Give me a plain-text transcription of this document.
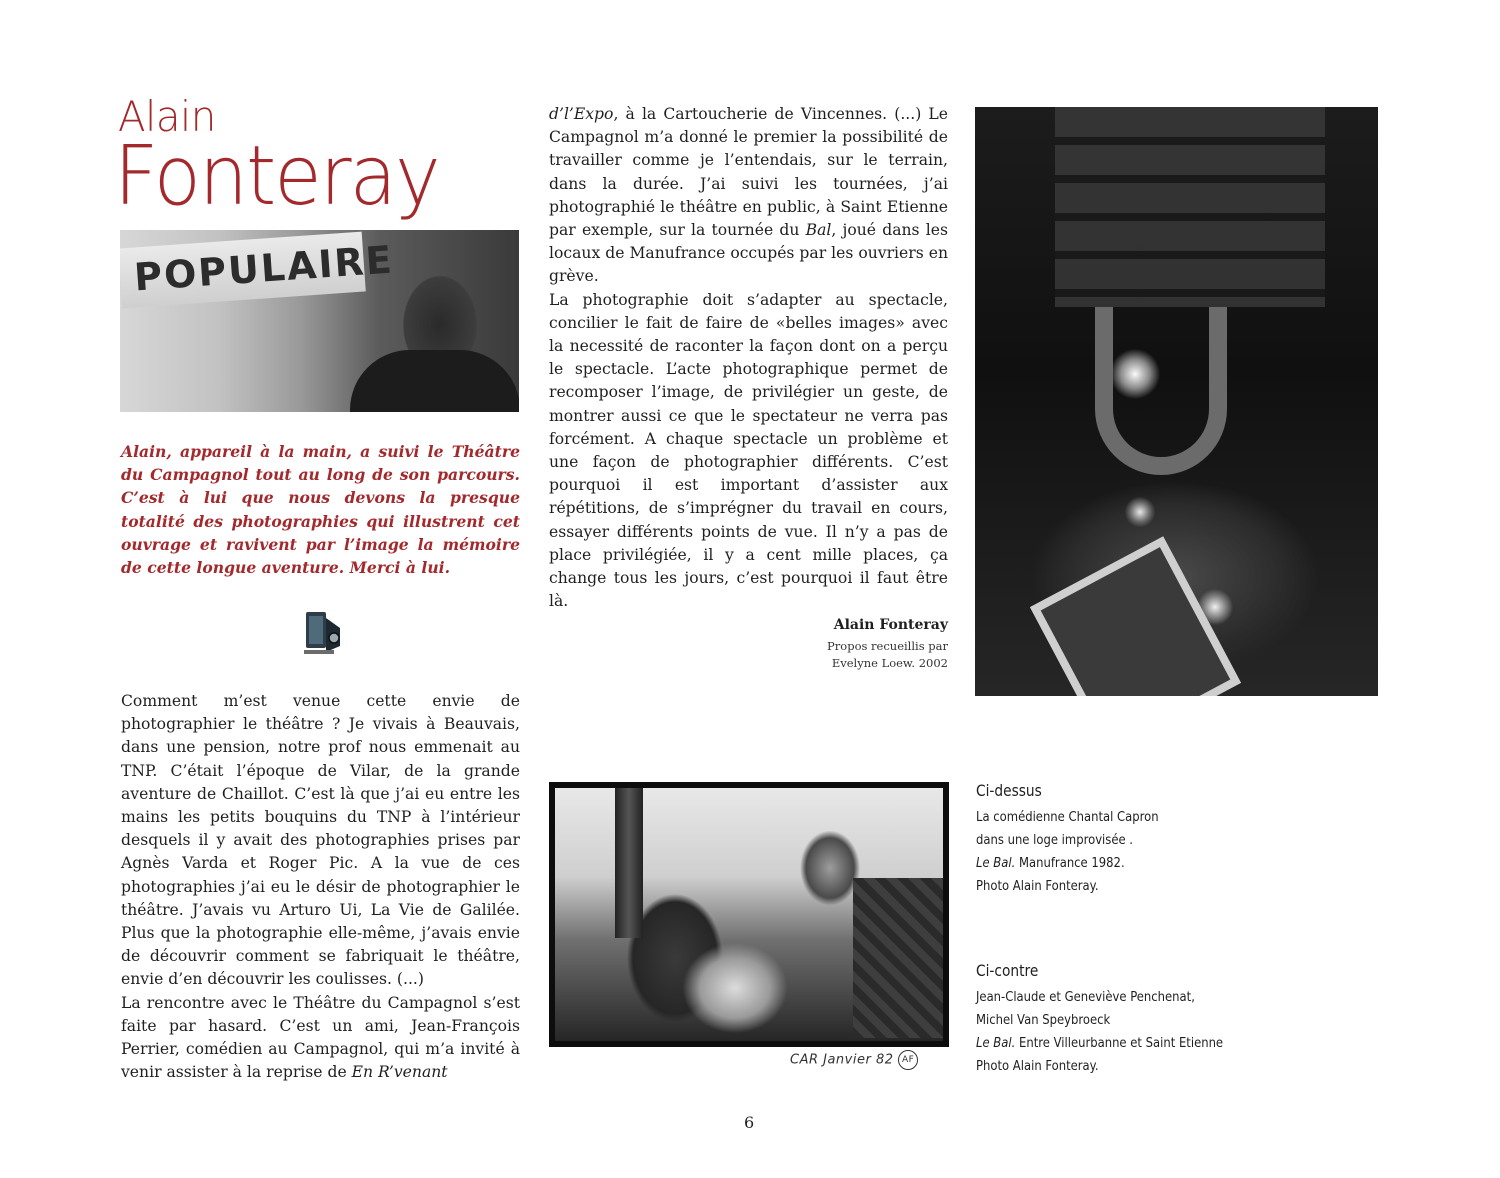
Alain
Fonteray
POPULAIRE

Alain, appareil à la main, a suivi le Théâtre du Campagnol tout au long de son parcours. C’est à lui que nous devons la presque totalité des photographies qui illustrent cet ouvrage et ravivent par l’image la mémoire de cette longue aventure. Merci à lui.

Comment m’est venue cette envie de photographier le théâtre ? Je vivais à Beauvais, dans une pension, notre prof nous emmenait au TNP. C’était l’époque de Vilar, de la grande aventure de Chaillot. C’est là que j’ai eu entre les mains les petits bouquins du TNP à l’intérieur desquels il y avait des photographies prises par Agnès Varda et Roger Pic. A la vue de ces photographies j’ai eu le désir de photographier le théâtre. J’avais vu Arturo Ui, La Vie de Galilée. Plus que la photographie elle-même, j’avais envie de découvrir comment se fabriquait le théâtre, envie d’en découvrir les coulisses. (...)

La rencontre avec le Théâtre du Campagnol s’est faite par hasard. C’est un ami, Jean-François Perrier, comédien au Campagnol, qui m’a invité à venir assister à la reprise de En R’venant

d’l’Expo, à la Cartoucherie de Vincennes. (...) Le Campagnol m’a donné le premier la possibilité de travailler comme je l’entendais, sur le terrain, dans la durée. J’ai suivi les tournées, j’ai photographié le théâtre en public, à Saint Etienne par exemple, sur la tournée du Bal, joué dans les locaux de Manufrance occupés par les ouvriers en grève.

La photographie doit s’adapter au spectacle, concilier le fait de faire de «belles images» avec la necessité de raconter la façon dont on a perçu le spectacle. L’acte photographique permet de recomposer l’image, de privilégier un geste, de montrer aussi ce que le spectateur ne verra pas forcément. A chaque spectacle un problème et une façon de photographier différents. C’est pourquoi il est important d’assister aux répétitions, de s’imprégner du travail en cours, essayer différents points de vue. Il n’y a pas de place privilégiée, il y a cent mille places, ça change tous les jours, c’est pourquoi il faut être là.

Alain Fonteray
Propos recueillis par
Evelyne Loew. 2002
CAR Janvier 82 AF
Ci-dessus
La comédienne Chantal Capron
dans une loge improvisée .
Le Bal. Manufrance 1982.
Photo Alain Fonteray.
Ci-contre
Jean-Claude et Geneviève Penchenat,
Michel Van Speybroeck
Le Bal. Entre Villeurbanne et Saint Etienne
Photo Alain Fonteray.
6
